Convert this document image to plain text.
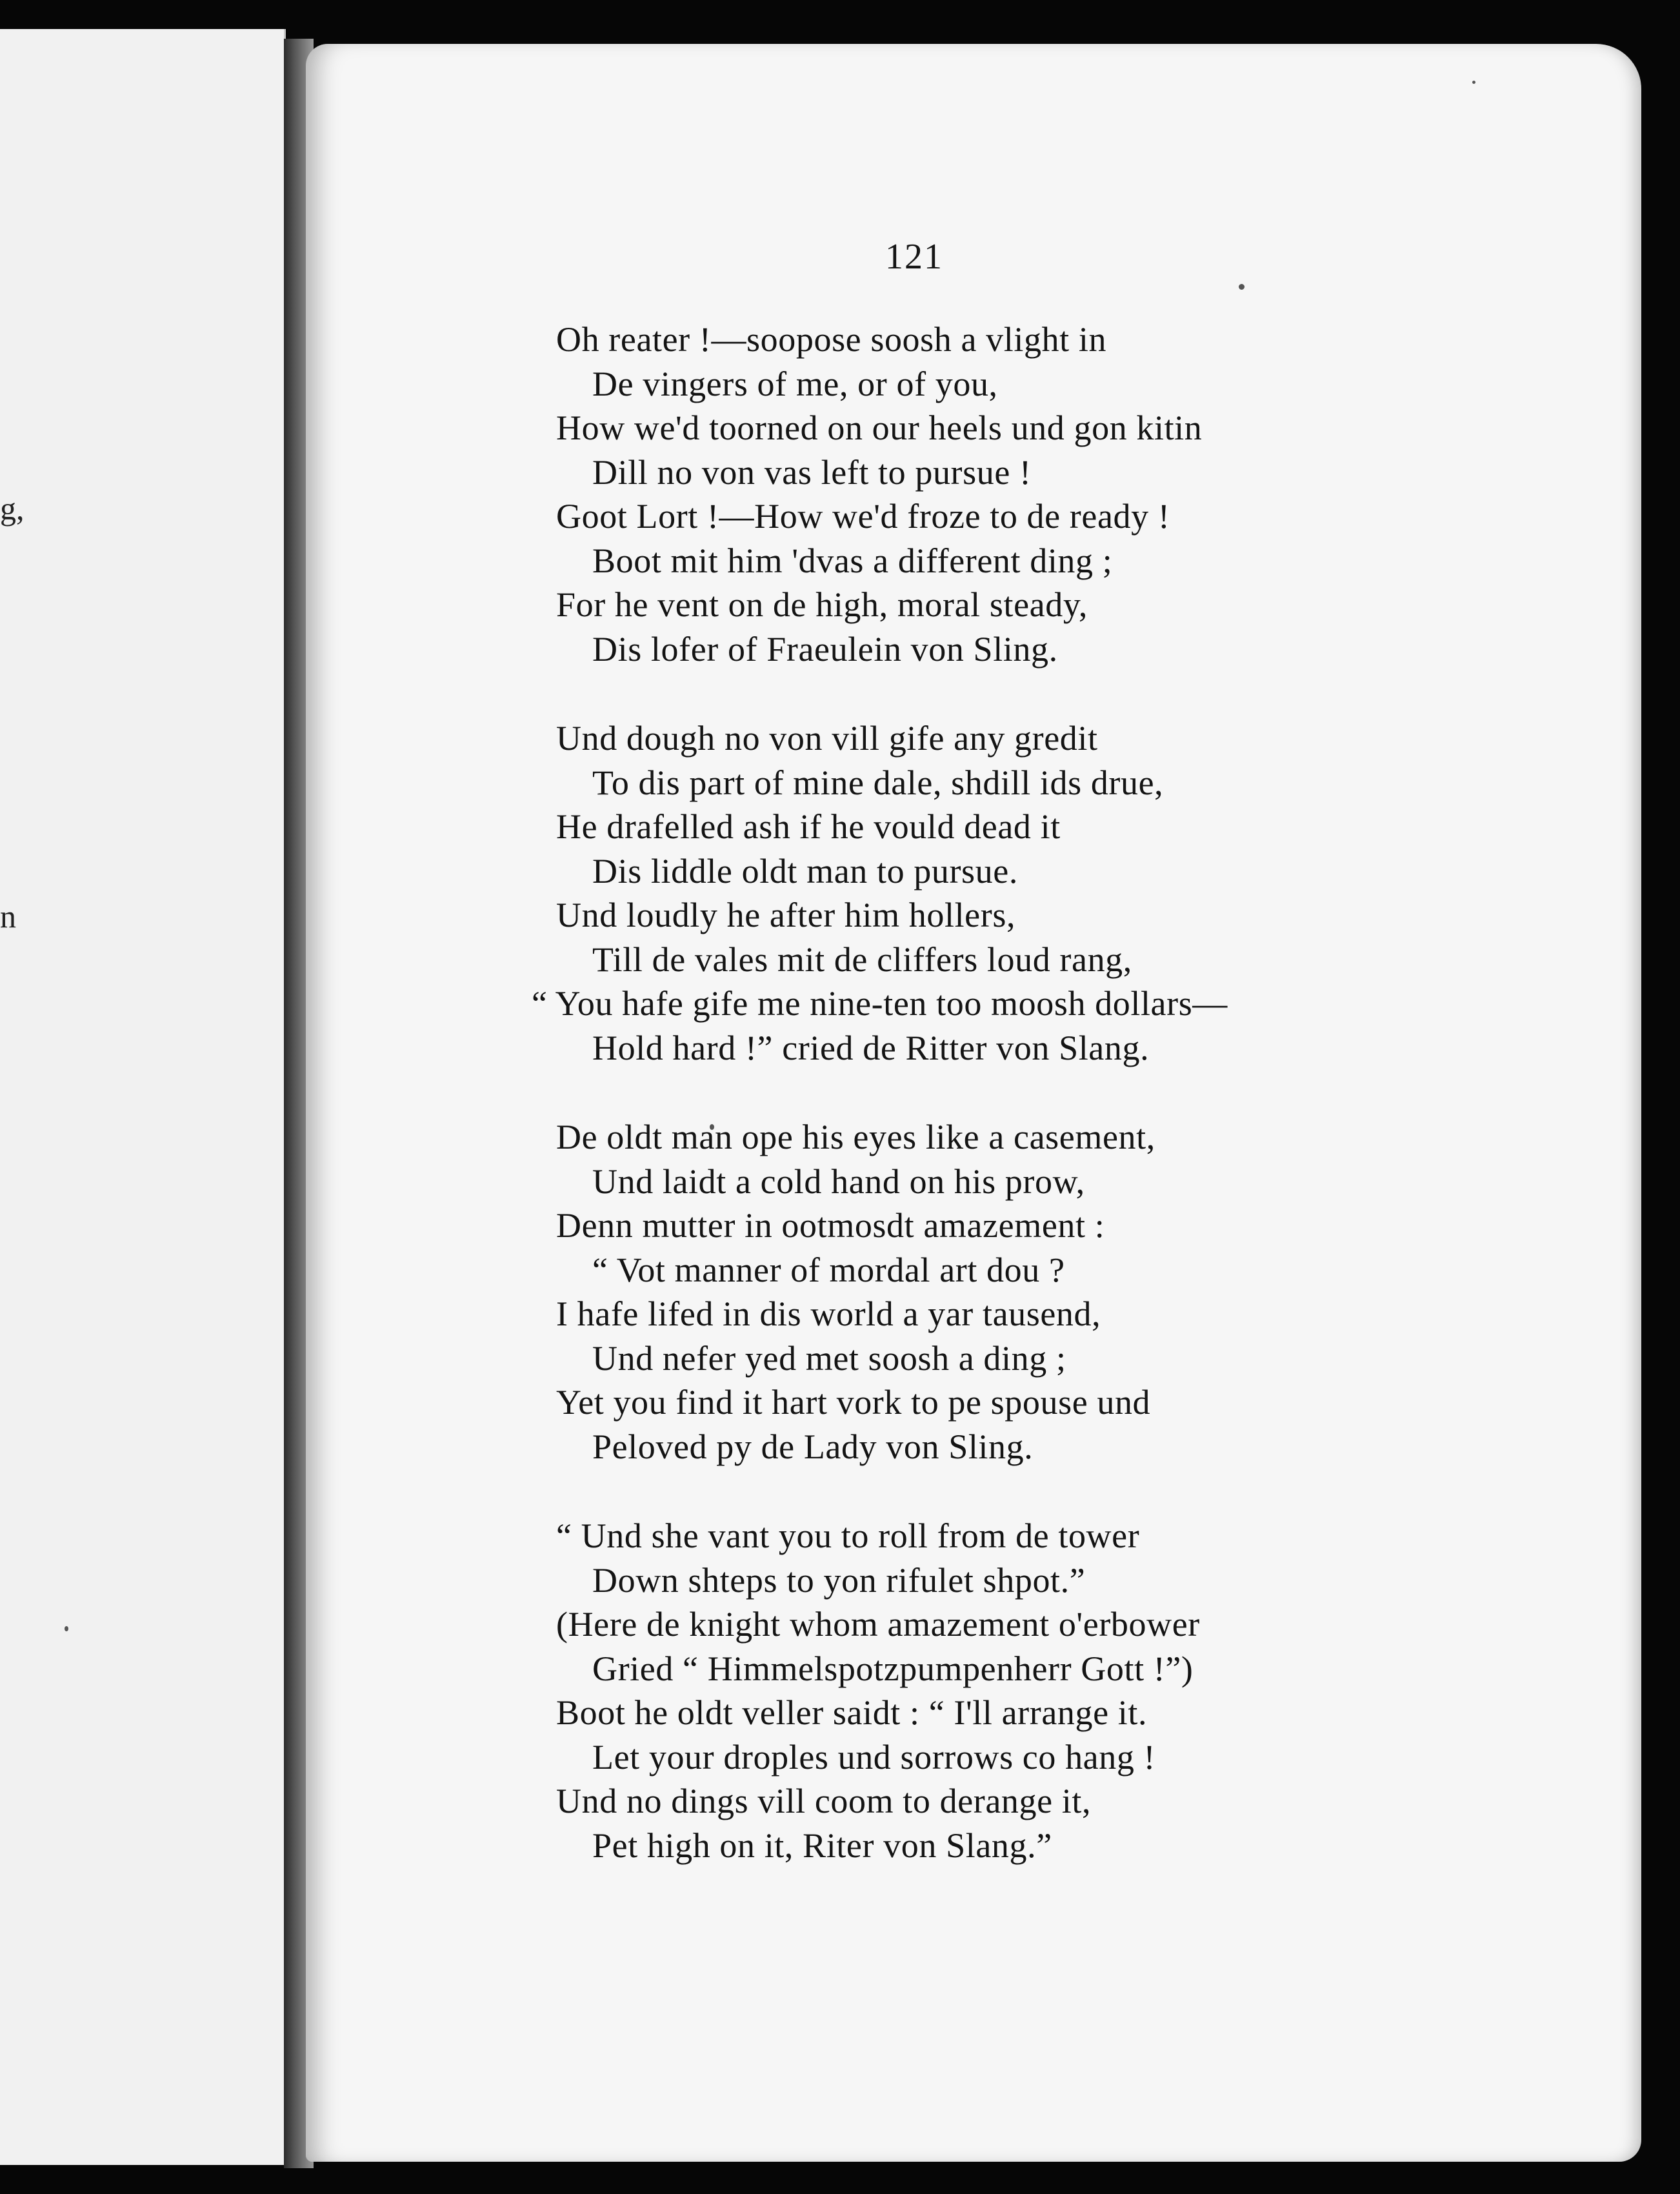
g,
n
121
Oh reater !—soopose soosh a vlight in
De vingers of me, or of you,
How we'd toorned on our heels und gon kitin
Dill no von vas left to pursue !
Goot Lort !—How we'd froze to de ready !
Boot mit him 'dvas a different ding ;
For he vent on de high, moral steady,
Dis lofer of Fraeulein von Sling.
Und dough no von vill gife any gredit
To dis part of mine dale, shdill ids drue,
He drafelled ash if he vould dead it
Dis liddle oldt man to pursue.
Und loudly he after him hollers,
Till de vales mit de cliffers loud rang,
“ You hafe gife me nine-ten too moosh dollars—
Hold hard !” cried de Ritter von Slang.
De oldt man ope his eyes like a casement,
Und laidt a cold hand on his prow,
Denn mutter in ootmosdt amazement :
“ Vot manner of mordal art dou ?
I hafe lifed in dis world a yar tausend,
Und nefer yed met soosh a ding ;
Yet you find it hart vork to pe spouse und
Peloved py de Lady von Sling.
“ Und she vant you to roll from de tower
Down shteps to yon rifulet shpot.”
(Here de knight whom amazement o'erbower
Gried “ Himmelspotzpumpenherr Gott !”)
Boot he oldt veller saidt : “ I'll arrange it.
Let your droples und sorrows co hang !
Und no dings vill coom to derange it,
Pet high on it, Riter von Slang.”
